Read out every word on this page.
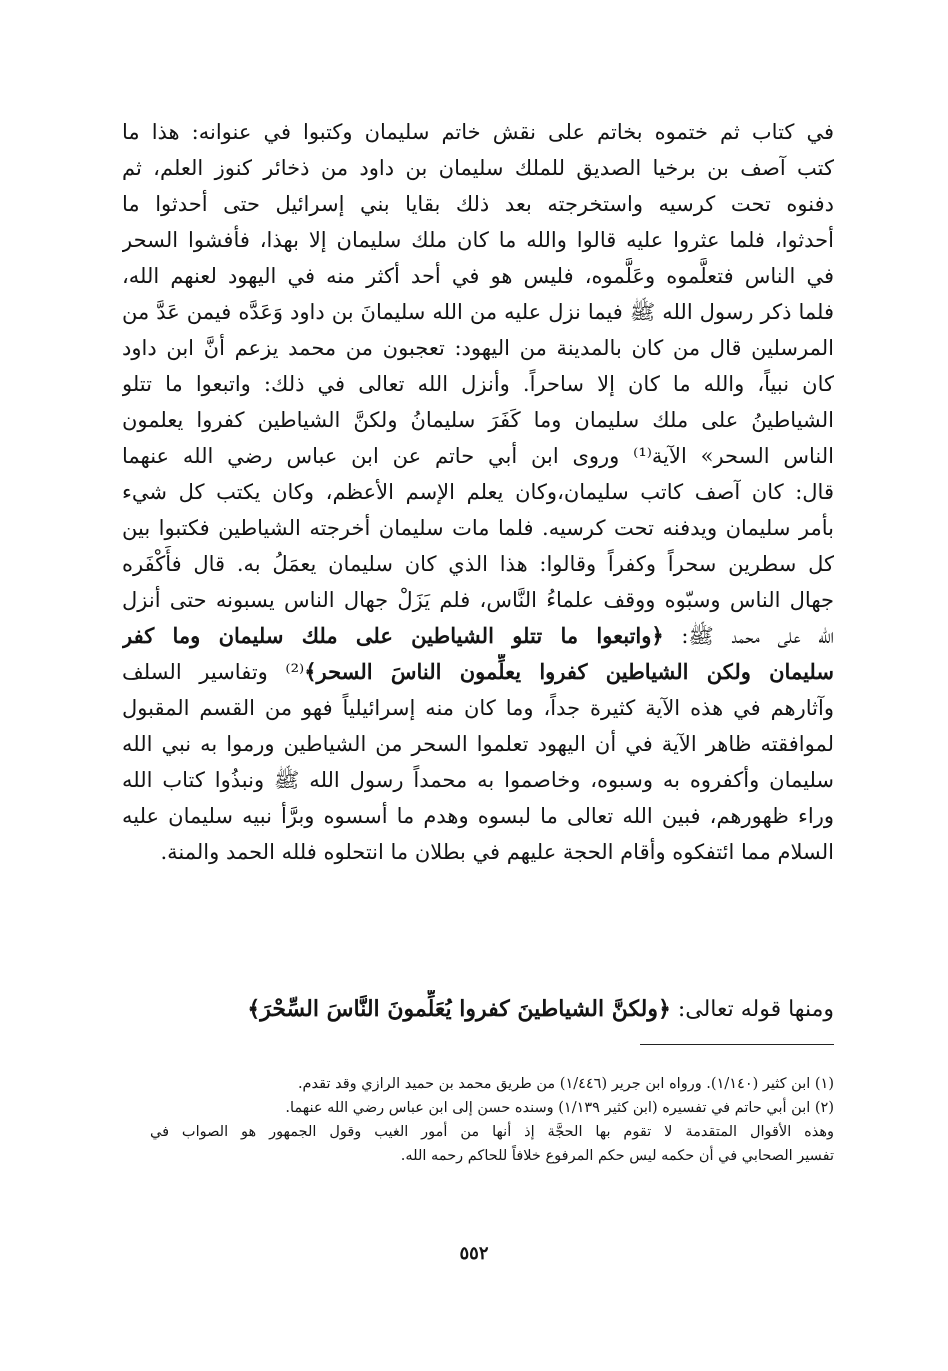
في كتاب ثم ختموه بخاتم على نقش خاتم سليمان وكتبوا في عنوانه: هذا ما
كتب آصف بن برخيا الصديق للملك سليمان بن داود من ذخائر كنوز العلم، ثم
دفنوه تحت كرسيه واستخرجته بعد ذلك بقايا بني إسرائيل حتى أحدثوا ما
أحدثوا، فلما عثروا عليه قالوا والله ما كان ملك سليمان إلا بهذا، فأفشوا السحر
في الناس فتعلَّموه وعَلَّموه، فليس هو في أحد أكثر منه في اليهود لعنهم الله،
فلما ذكر رسول الله ﷺ فيما نزل عليه من الله سليمانَ بن داود وَعَدَّه فيمن عَدَّ من
المرسلين قال من كان بالمدينة من اليهود: تعجبون من محمد يزعم أنَّ ابن داود
كان نبياً، والله ما كان إلا ساحراً. وأنزل الله تعالى في ذلك: واتبعوا ما تتلو
الشياطينُ على ملك سليمان وما كَفَرَ سليمانُ ولكنَّ الشياطين كفروا يعلمون
الناس السحر» الآية⁽¹⁾ وروى ابن أبي حاتم عن ابن عباس رضي الله عنهما
قال: كان آصف كاتب سليمان،وكان يعلم الإسم الأعظم، وكان يكتب كل شيء
بأمر سليمان ويدفنه تحت كرسيه. فلما مات سليمان أخرجته الشياطين فكتبوا بين
كل سطرين سحراً وكفراً وقالوا: هذا الذي كان سليمان يعمَلُ به. قال فأَكْفَره
جهال الناس وسبّوه ووقف علماءُ النَّاس، فلم يَزَلْ جهال الناس يسبونه حتى أنزل
الله على محمد ﷺ: ﴿واتبعوا ما تتلو الشياطين على ملك سليمان وما كفر
سليمان ولكن الشياطين كفروا يعلِّمون الناسَ السحر﴾⁽²⁾ وتفاسير السلف
وآثارهم في هذه الآية كثيرة جداً، وما كان منه إسرائيلياً فهو من القسم المقبول
لموافقته ظاهر الآية في أن اليهود تعلموا السحر من الشياطين ورموا به نبي الله
سليمان وأكفروه به وسبوه، وخاصموا به محمداً رسول الله ﷺ ونبذُوا كتاب الله
وراء ظهورهم، فبين الله تعالى ما لبسوه وهدم ما أسسوه وبرَّأ نبيه سليمان عليه
السلام مما ائتفكوه وأقام الحجة عليهم في بطلان ما انتحلوه فلله الحمد والمنة.
ومنها قوله تعالى: ﴿ولكنَّ الشياطينَ كفروا يُعَلِّمونَ النَّاسَ السِّحْرَ﴾
(١) ابن كثير (١/١٤٠). ورواه ابن جرير (١/٤٤٦) من طريق محمد بن حميد الرازي وقد تقدم.
(٢) ابن أبي حاتم في تفسيره (ابن كثير ١/١٣٩) وسنده حسن إلى ابن عباس رضي الله عنهما.
وهذه الأقوال المتقدمة لا تقوم بها الحجَّة إذ أنها من أمور الغيب وقول الجمهور هو الصواب في
تفسير الصحابي في أن حكمه ليس حكم المرفوع خلافاً للحاكم رحمه الله.
٥٥٢
